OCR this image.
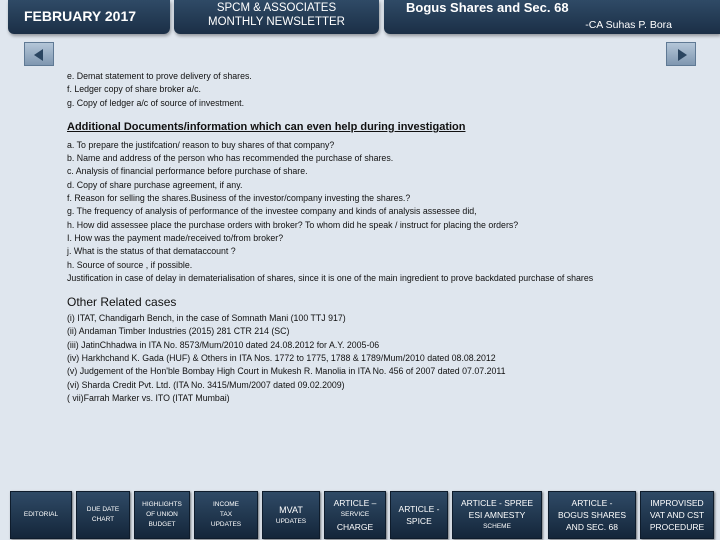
FEBRUARY 2017	SPCM & ASSOCIATES
MONTHLY NEWSLETTER
Bogus Shares and Sec. 68
-CA Suhas P. Bora
e. Demat statement to prove delivery of shares.
f. Ledger copy of share broker a/c.
g. Copy of ledger a/c of source of investment.
Additional Documents/information which can even help during investigation
a. To prepare the justifcation/ reason to buy shares of that company?
b. Name and address of the person who has recommended the purchase of shares.
c. Analysis of financial performance before purchase of share.
d. Copy of share purchase agreement, if any.
f. Reason for selling the shares.Business of the investor/company investing the shares.?
g. The frequency of analysis of performance of the investee company and kinds of analysis assessee did,
h. How did assessee place the purchase orders with broker? To whom did he speak / instruct for placing the orders?
I. How was the payment made/received to/from broker?
j. What is the status of that demataccount ?
h. Source of source , if possible.
Justification in case of delay in dematerialisation of shares, since it is one of the main ingredient to prove backdated purchase of shares
Other Related cases
(i) ITAT, Chandigarh Bench, in the case of Somnath Mani (100 TTJ 917)
(ii) Andaman Timber Industries (2015) 281 CTR 214 (SC)
(iii) JatinChhadwa in ITA No. 8573/Mum/2010 dated 24.08.2012 for A.Y. 2005-06
(iv) Harkhchand K. Gada (HUF) & Others in ITA Nos. 1772 to 1775, 1788 & 1789/Mum/2010 dated 08.08.2012
(v) Judgement of the Hon'ble Bombay High Court in Mukesh R. Manolia in ITA No. 456 of 2007 dated 07.07.2011
(vi) Sharda Credit Pvt. Ltd. (ITA No. 3415/Mum/2007 dated 09.02.2009)
( vii)Farrah Marker vs. ITO (ITAT Mumbai)
EDITORIAL
DUE DATE
CHART
HIGHLIGHTS
OF UNION
BUDGET
INCOME
TAX
UPDATES
MVAT
UPDATES
ARTICLE –
SERVICE
CHARGE
ARTICLE -
SPICE
ARTICLE - SPREE
ESI AMNESTY
SCHEME
ARTICLE -
BOGUS SHARES
AND SEC. 68
IMPROVISED
VAT AND CST
PROCEDURE
